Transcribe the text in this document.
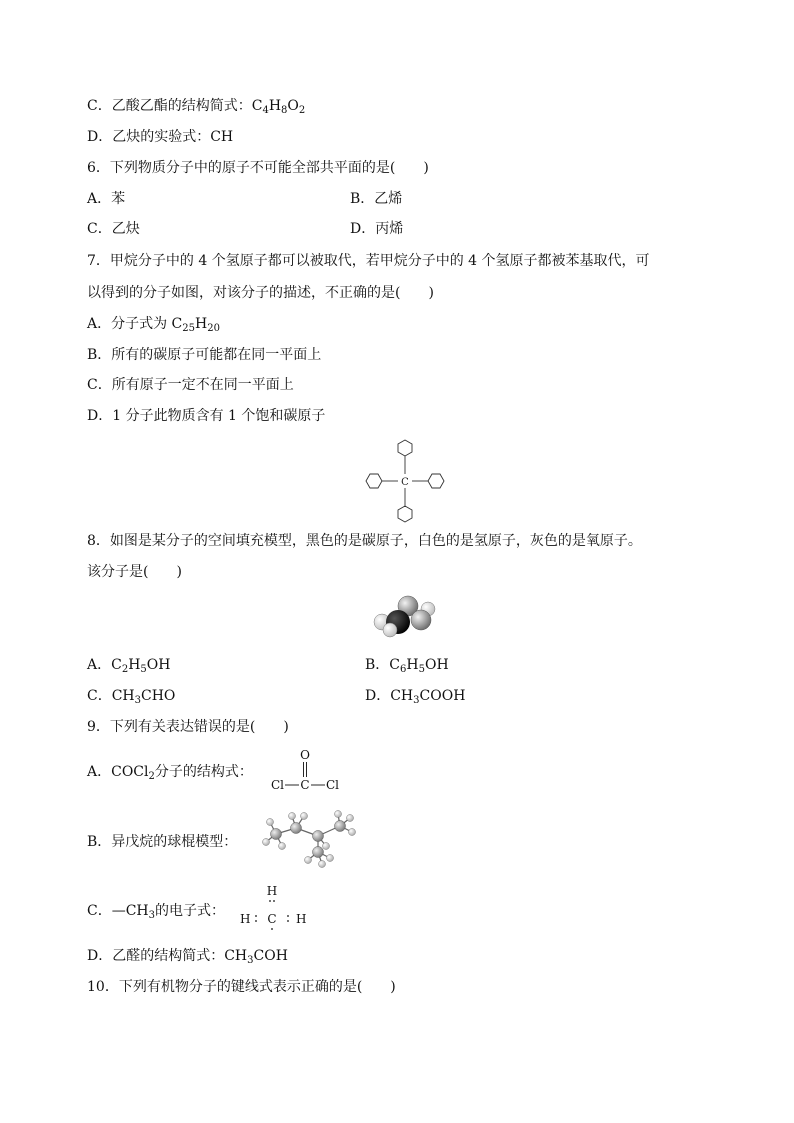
C．乙酸乙酯的结构简式：$C_4H_8O_2$
D．乙炔的实验式：CH
6．下列物质分子中的原子不可能全部共平面的是(　　)
A．苯	B．乙烯
C．乙炔	D．丙烯
7．甲烷分子中的 4 个氢原子都可以被取代，若甲烷分子中的 4 个氢原子都被苯基取代，可
以得到的分子如图，对该分子的描述，不正确的是(　　)
A．分子式为 $C_{25}H_{20}$
B．所有的碳原子可能都在同一平面上
C．所有原子一定不在同一平面上
D．1 分子此物质含有 1 个饱和碳原子
C
8．如图是某分子的空间填充模型，黑色的是碳原子，白色的是氢原子，灰色的是氧原子。
该分子是(　　)
A．$C_2H_5OH$	B．$C_6H_5OH$
C．$CH_3CHO$	D．$CH_3COOH$
9．下列有关表达错误的是(　　)
A．COCl$_2$分子的结构式：
O
Cl C Cl
B．异戊烷的球棍模型：
C．$—CH_3$的电子式：
H
H C H
D．乙醛的结构简式：$CH_3COH$
10．下列有机物分子的键线式表示正确的是(　　)
